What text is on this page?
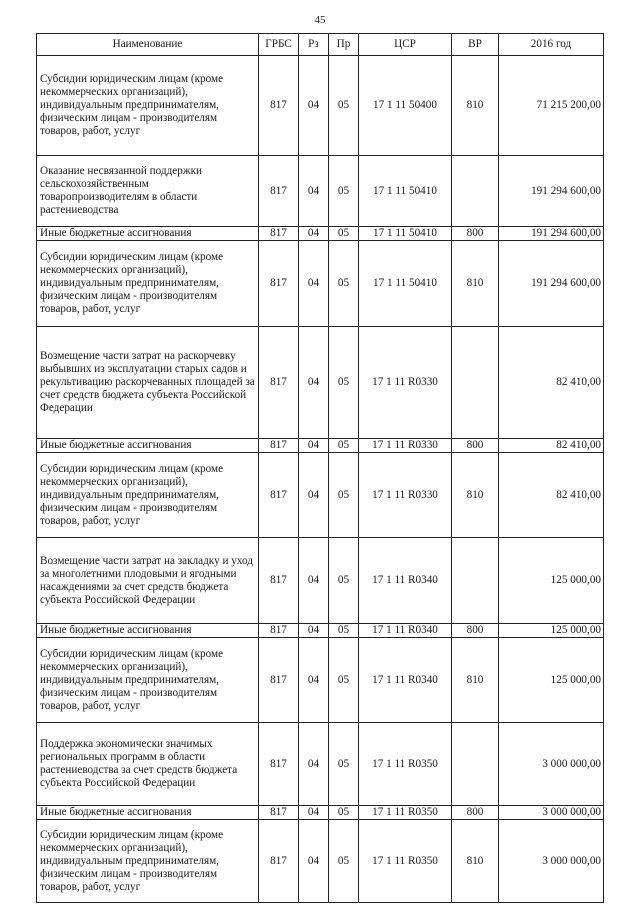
45
Наименование	ГРБС	Рз	Пр	ЦСР	ВР	2016 год
Субсидии юридическим лицам (кроме некоммерческих организаций), индивидуальным предпринимателям, физическим лицам - производителям товаров, работ, услуг	817	04	05	17 1 11 50400	810	71 215 200,00
Оказание несвязанной поддержки сельскохозяйственным товаропроизводителям в области растениеводства	817	04	05	17 1 11 50410		191 294 600,00
Иные бюджетные ассигнования	817	04	05	17 1 11 50410	800	191 294 600,00
Субсидии юридическим лицам (кроме некоммерческих организаций), индивидуальным предпринимателям, физическим лицам - производителям товаров, работ, услуг	817	04	05	17 1 11 50410	810	191 294 600,00
Возмещение части затрат на раскорчевку выбывших из эксплуатации старых садов и рекультивацию раскорчеванных площадей за счет средств бюджета субъекта Российской Федерации	817	04	05	17 1 11 R0330		82 410,00
Иные бюджетные ассигнования	817	04	05	17 1 11 R0330	800	82 410,00
Субсидии юридическим лицам (кроме некоммерческих организаций), индивидуальным предпринимателям, физическим лицам - производителям товаров, работ, услуг	817	04	05	17 1 11 R0330	810	82 410,00
Возмещение части затрат на закладку и уход за многолетними плодовыми и ягодными насаждениями за счет средств бюджета субъекта Российской Федерации	817	04	05	17 1 11 R0340		125 000,00
Иные бюджетные ассигнования	817	04	05	17 1 11 R0340	800	125 000,00
Субсидии юридическим лицам (кроме некоммерческих организаций), индивидуальным предпринимателям, физическим лицам - производителям товаров, работ, услуг	817	04	05	17 1 11 R0340	810	125 000,00
Поддержка экономически значимых региональных программ в области растениеводства за счет средств бюджета субъекта Российской Федерации	817	04	05	17 1 11 R0350		3 000 000,00
Иные бюджетные ассигнования	817	04	05	17 1 11 R0350	800	3 000 000,00
Субсидии юридическим лицам (кроме некоммерческих организаций), индивидуальным предпринимателям, физическим лицам - производителям товаров, работ, услуг	817	04	05	17 1 11 R0350	810	3 000 000,00
